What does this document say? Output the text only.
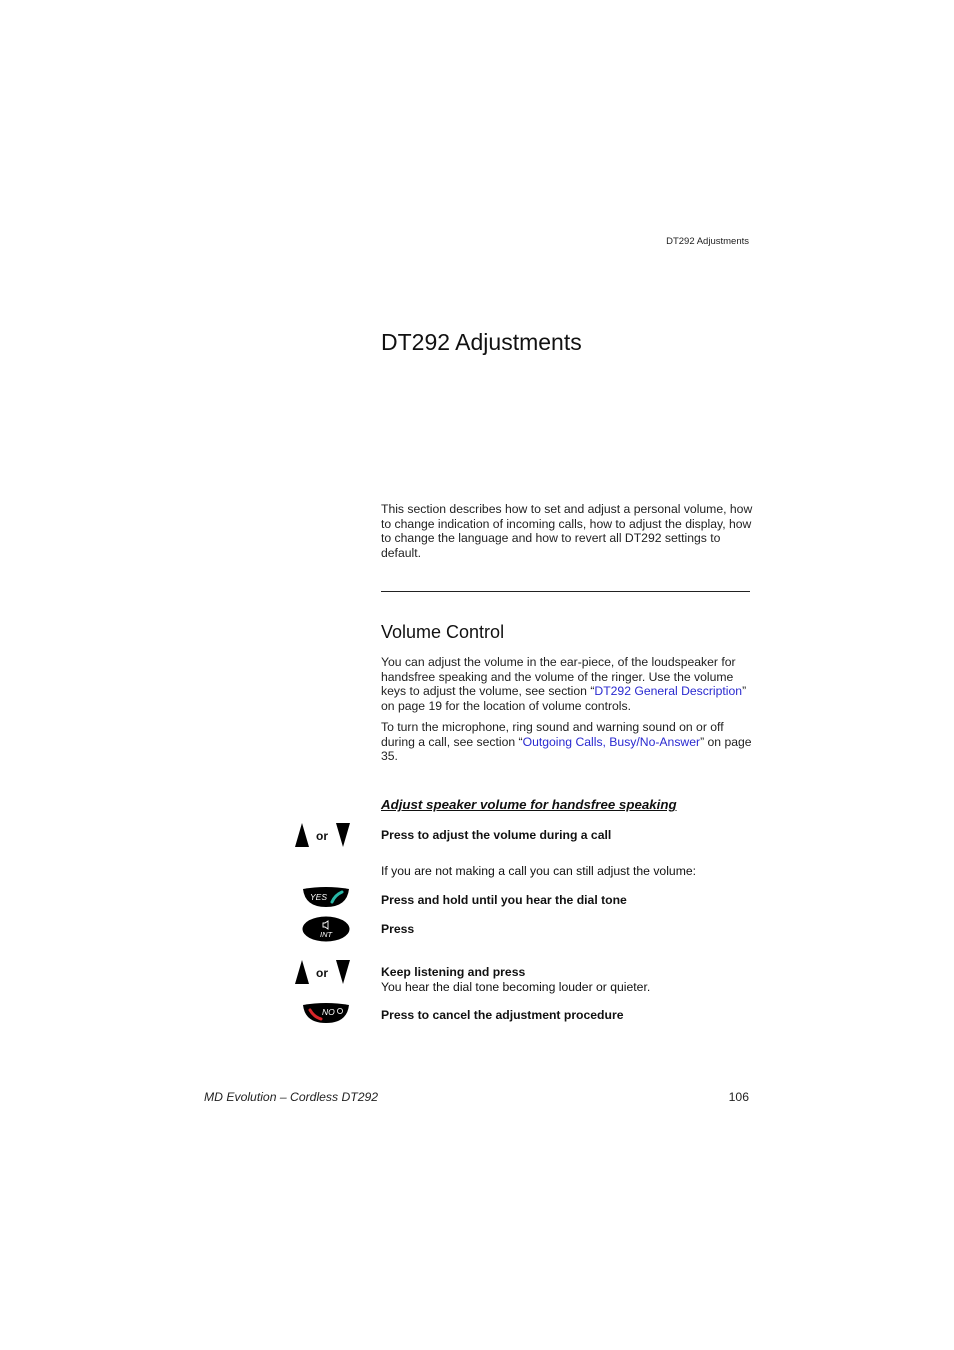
DT292 Adjustments
DT292 Adjustments

This section describes how to set and adjust a personal volume, how to change indication of incoming calls, how to adjust the display, how to change the language and how to revert all DT292 settings to default.

Volume Control

You can adjust the volume in the ear-piece, of the loudspeaker for handsfree speaking and the volume of the ringer. Use the volume keys to adjust the volume, see section “DT292 General Description” on page 19 for the location of volume controls.

To turn the microphone, ring sound and warning sound on or off during a call, see section “Outgoing Calls, Busy/No-Answer” on page 35.

Adjust speaker volume for handsfree speaking
or	Press to adjust the volume during a call
If you are not making a call you can still adjust the volume:
YES	Press and hold until you hear the dial tone
INT	Press
or	Keep listening and press
You hear the dial tone becoming louder or quieter.
NO	Press to cancel the adjustment procedure
MD Evolution – Cordless DT292	106
